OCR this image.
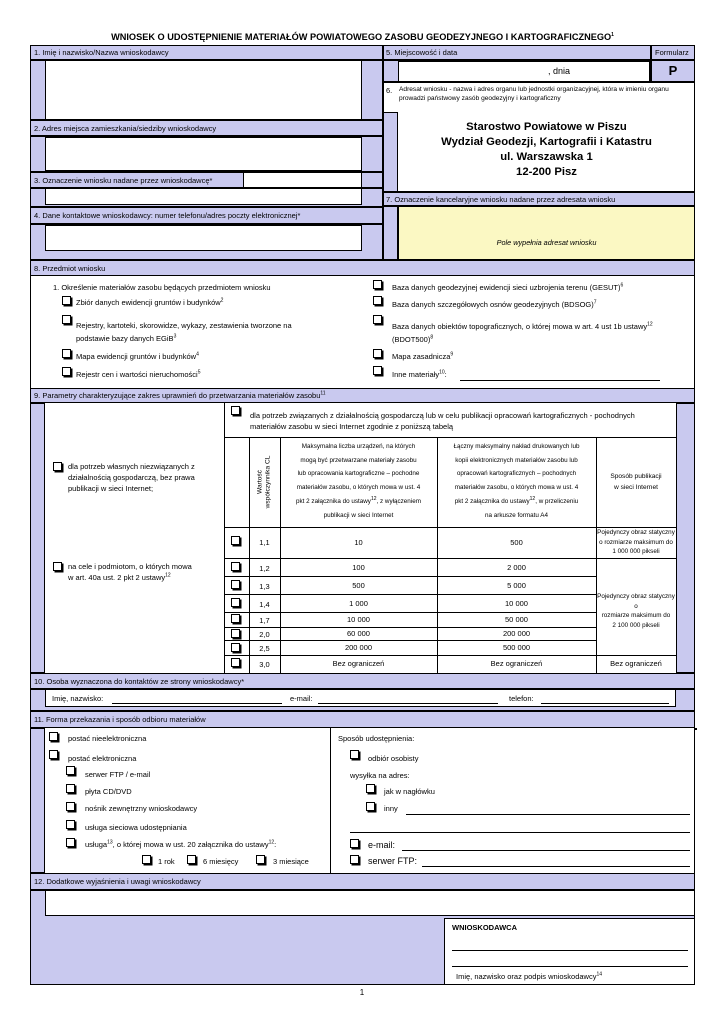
WNIOSEK O UDOSTĘPNIENIE MATERIAŁÓW POWIATOWEGO ZASOBU GEODEZYJNEGO I KARTOGRAFICZNEGO$^1$
1. Imię i nazwisko/Nazwa wnioskodawcy
2. Adres miejsca zamieszkania/siedziby wnioskodawcy
3. Oznaczenie wniosku nadane przez wnioskodawcę*
4. Dane kontaktowe wnioskodawcy: numer telefonu/adres poczty elektronicznej*
5. Miejscowość i data	Formularz
, dnia	P
6. Adresat wniosku - nazwa i adres organu lub jednostki organizacyjnej, która w imieniu organu prowadzi państwowy zasób geodezyjny i kartograficzny
Starostwo Powiatowe w Piszu
Wydział Geodezji, Kartografii i Katastru
ul. Warszawska 1
12-200 Pisz
7. Oznaczenie kancelaryjne wniosku nadane przez adresata wniosku
Pole wypełnia adresat wniosku
8. Przedmiot wniosku
1. Określenie materiałów zasobu będących przedmiotem wniosku
Zbiór danych ewidencji gruntów i budynków$^2$
Rejestry, kartoteki, skorowidze, wykazy, zestawienia tworzone na
podstawie bazy danych EGiB$^3$
Mapa ewidencji gruntów i budynków$^4$
Rejestr cen i wartości nieruchomości$^5$
Baza danych geodezyjnej ewidencji sieci uzbrojenia terenu (GESUT)$^6$
Baza danych szczegółowych osnów geodezyjnych (BDSOG)$^7$
Baza danych obiektów topograficznych, o której mowa w art. 4 ust 1b ustawy$^{12}$
(BDOT500)$^8$
Mapa zasadnicza$^9$
Inne materiały$^{10}$:
9. Parametry charakteryzujące zakres uprawnień do przetwarzania materiałów zasobu$^{11}$
dla potrzeb własnych niezwiązanych z
działalnością gospodarczą, bez prawa
publikacji w sieci Internet;
na cele i podmiotom, o których mowa
w art. 40a ust. 2 pkt 2 ustawy$^{12}$
dla potrzeb związanych z działalnością gospodarczą lub w celu publikacji opracowań kartograficznych - pochodnych
materiałów zasobu w sieci Internet zgodnie z poniższą tabelą
Wartość współczynnika CL
Maksymalna liczba urządzeń, na których
mogą być przetwarzane materiały zasobu
lub opracowania kartograficzne – pochodne
materiałów zasobu, o których mowa w ust. 4
pkt 2 załącznika do ustawy$^{12}$, z wyłączeniem
publikacji w sieci Internet
Łączny maksymalny nakład drukowanych lub
kopii elektronicznych materiałów zasobu lub
opracowań kartograficznych – pochodnych
materiałów zasobu, o których mowa w ust. 4
pkt 2 załącznika do ustawy$^{12}$, w przeliczeniu
na arkusze formatu A4
Sposób publikacji
w sieci Internet
1,1	10	500
1,2	100	2 000
1,3	500	5 000
1,4	1 000	10 000
1,7	10 000	50 000
2,0	60 000	200 000
2,5	200 000	500 000
3,0	Bez ograniczeń	Bez ograniczeń
Pojedynczy obraz statyczny
o rozmiarze maksimum do
1 000 000 pikseli
Pojedynczy obraz statyczny o
rozmiarze maksimum do
2 100 000 pikseli
Bez ograniczeń
10. Osoba wyznaczona do kontaktów ze strony wnioskodawcy*
Imię, nazwisko:	e-mail:	telefon:
11. Forma przekazania i sposób odbioru materiałów
postać nieelektroniczna
postać elektroniczna
serwer FTP / e-mail
płyta CD/DVD
nośnik zewnętrzny wnioskodawcy
usługa sieciowa udostępniania
usługa$^{13}$, o której mowa w ust. 20 załącznika do ustawy$^{12}$:
1 rok	6 miesięcy	3 miesiące
Sposób udostępnienia:
odbiór osobisty
wysyłka na adres:
jak w nagłówku
inny
e-mail:
serwer FTP:
12. Dodatkowe wyjaśnienia i uwagi wnioskodawcy
WNIOSKODAWCA
Imię, nazwisko oraz podpis wnioskodawcy$^{14}$
1
